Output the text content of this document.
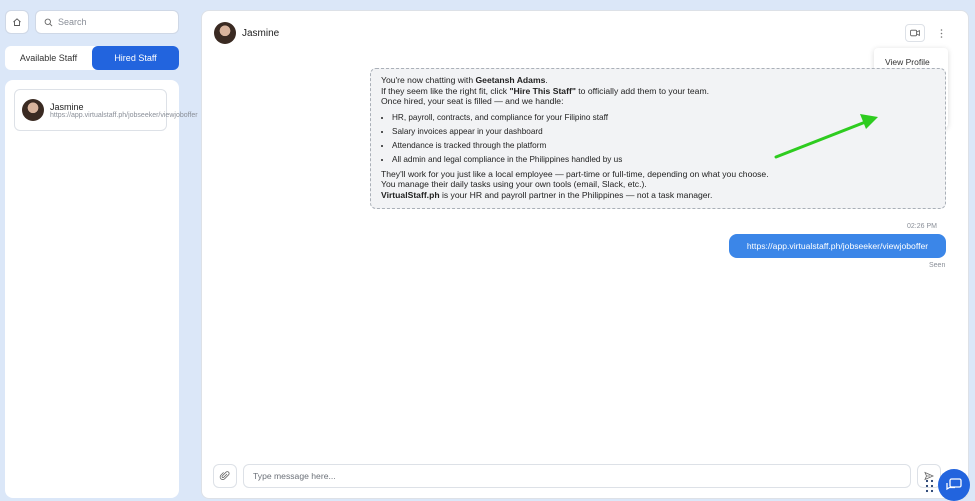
Search
Available Staff	Hired Staff
Jasmine
https://app.virtualstaff.ph/jobseeker/viewjoboffer
Jasmine
View Profile
You're now chatting with Geetansh Adams.
If they seem like the right fit, click "Hire This Staff" to officially add them to your team.
Once hired, your seat is filled — and we handle:
• HR, payroll, contracts, and compliance for your Filipino staff
• Salary invoices appear in your dashboard
• Attendance is tracked through the platform
• All admin and legal compliance in the Philippines handled by us
They'll work for you just like a local employee — part-time or full-time, depending on what you choose.
You manage their daily tasks using your own tools (email, Slack, etc.).
VirtualStaff.ph is your HR and payroll partner in the Philippines — not a task manager.
02:26 PM
https://app.virtualstaff.ph/jobseeker/viewjoboffer
Seen
Type message here...
